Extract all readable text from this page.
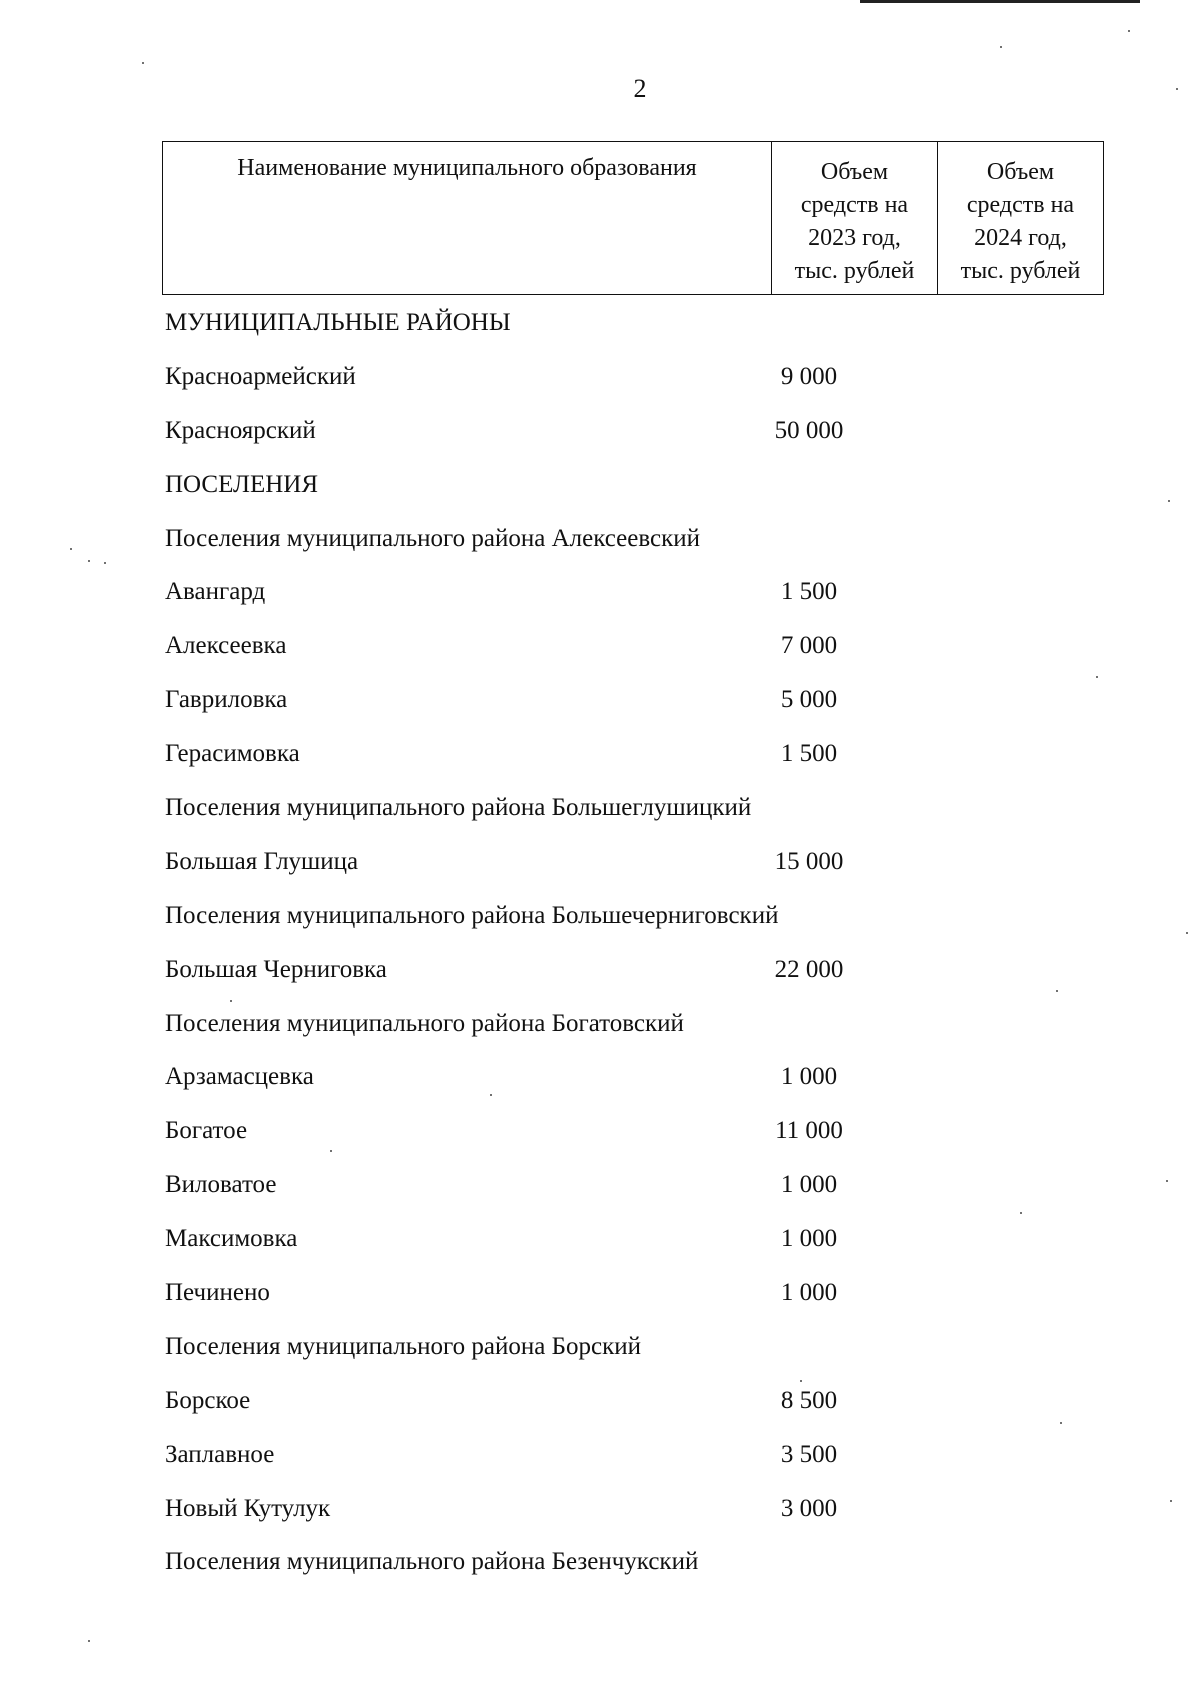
2
Наименование муниципального образования	Объем
средств на
2023 год,
тыс. рублей

Объем
средств на
2024 год,
тыс. рублей
МУНИЦИПАЛЬНЫЕ РАЙОНЫ
Красноармейский	9 000
Красноярский	50 000
ПОСЕЛЕНИЯ
Поселения муниципального района Алексеевский
Авангард	1 500
Алексеевка	7 000
Гавриловка	5 000
Герасимовка	1 500
Поселения муниципального района Большеглушицкий
Большая Глушица	15 000
Поселения муниципального района Большечерниговский
Большая Черниговка	22 000
Поселения муниципального района Богатовский
Арзамасцевка	1 000
Богатое	11 000
Виловатое	1 000
Максимовка	1 000
Печинено	1 000
Поселения муниципального района Борский
Борское	8 500
Заплавное	3 500
Новый Кутулук	3 000
Поселения муниципального района Безенчукский
